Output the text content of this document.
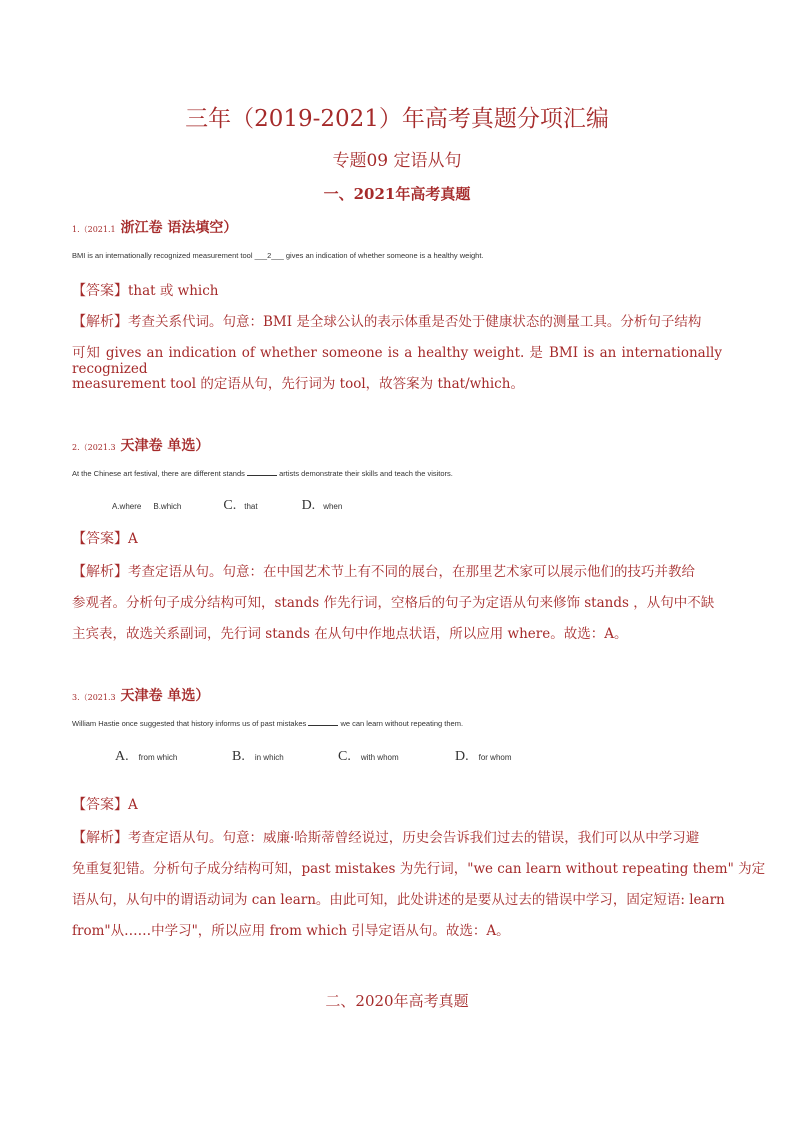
三年（2019-2021）年高考真题分项汇编
专题09 定语从句
一、2021年高考真题
1.（2021.1 浙江卷 语法填空）
BMI is an internationally recognized measurement tool ___2___ gives an indication of whether someone is a healthy weight.
【答案】that 或 which
【解析】考查关系代词。句意：BMI 是全球公认的表示体重是否处于健康状态的测量工具。分析句子结构
可知 gives an indication of whether someone is a healthy weight. 是 BMI is an internationally recognized
measurement tool 的定语从句，先行词为 tool，故答案为 that/which。
2.（2021.3 天津卷 单选）
At the Chinese art festival, there are different stands	artists demonstrate their skills and teach the visitors.
A.where B.which	C. that	D. when
【答案】A
【解析】考查定语从句。句意：在中国艺术节上有不同的展台，在那里艺术家可以展示他们的技巧并教给
参观者。分析句子成分结构可知，stands 作先行词，空格后的句子为定语从句来修饰 stands ，从句中不缺
主宾表，故选关系副词，先行词 stands 在从句中作地点状语，所以应用 where。故选：A。
3.（2021.3 天津卷 单选）
William Hastie once suggested that history informs us of past mistakes	we can learn without repeating them.
A. from which	B. in which	C. with whom	D. for whom
【答案】A
【解析】考查定语从句。句意：威廉·哈斯蒂曾经说过，历史会告诉我们过去的错误，我们可以从中学习避
免重复犯错。分析句子成分结构可知，past mistakes 为先行词，"we can learn without repeating them" 为定
语从句，从句中的谓语动词为 can learn。由此可知，此处讲述的是要从过去的错误中学习，固定短语: learn
from"从……中学习"，所以应用 from which 引导定语从句。故选：A。
二、2020年高考真题
